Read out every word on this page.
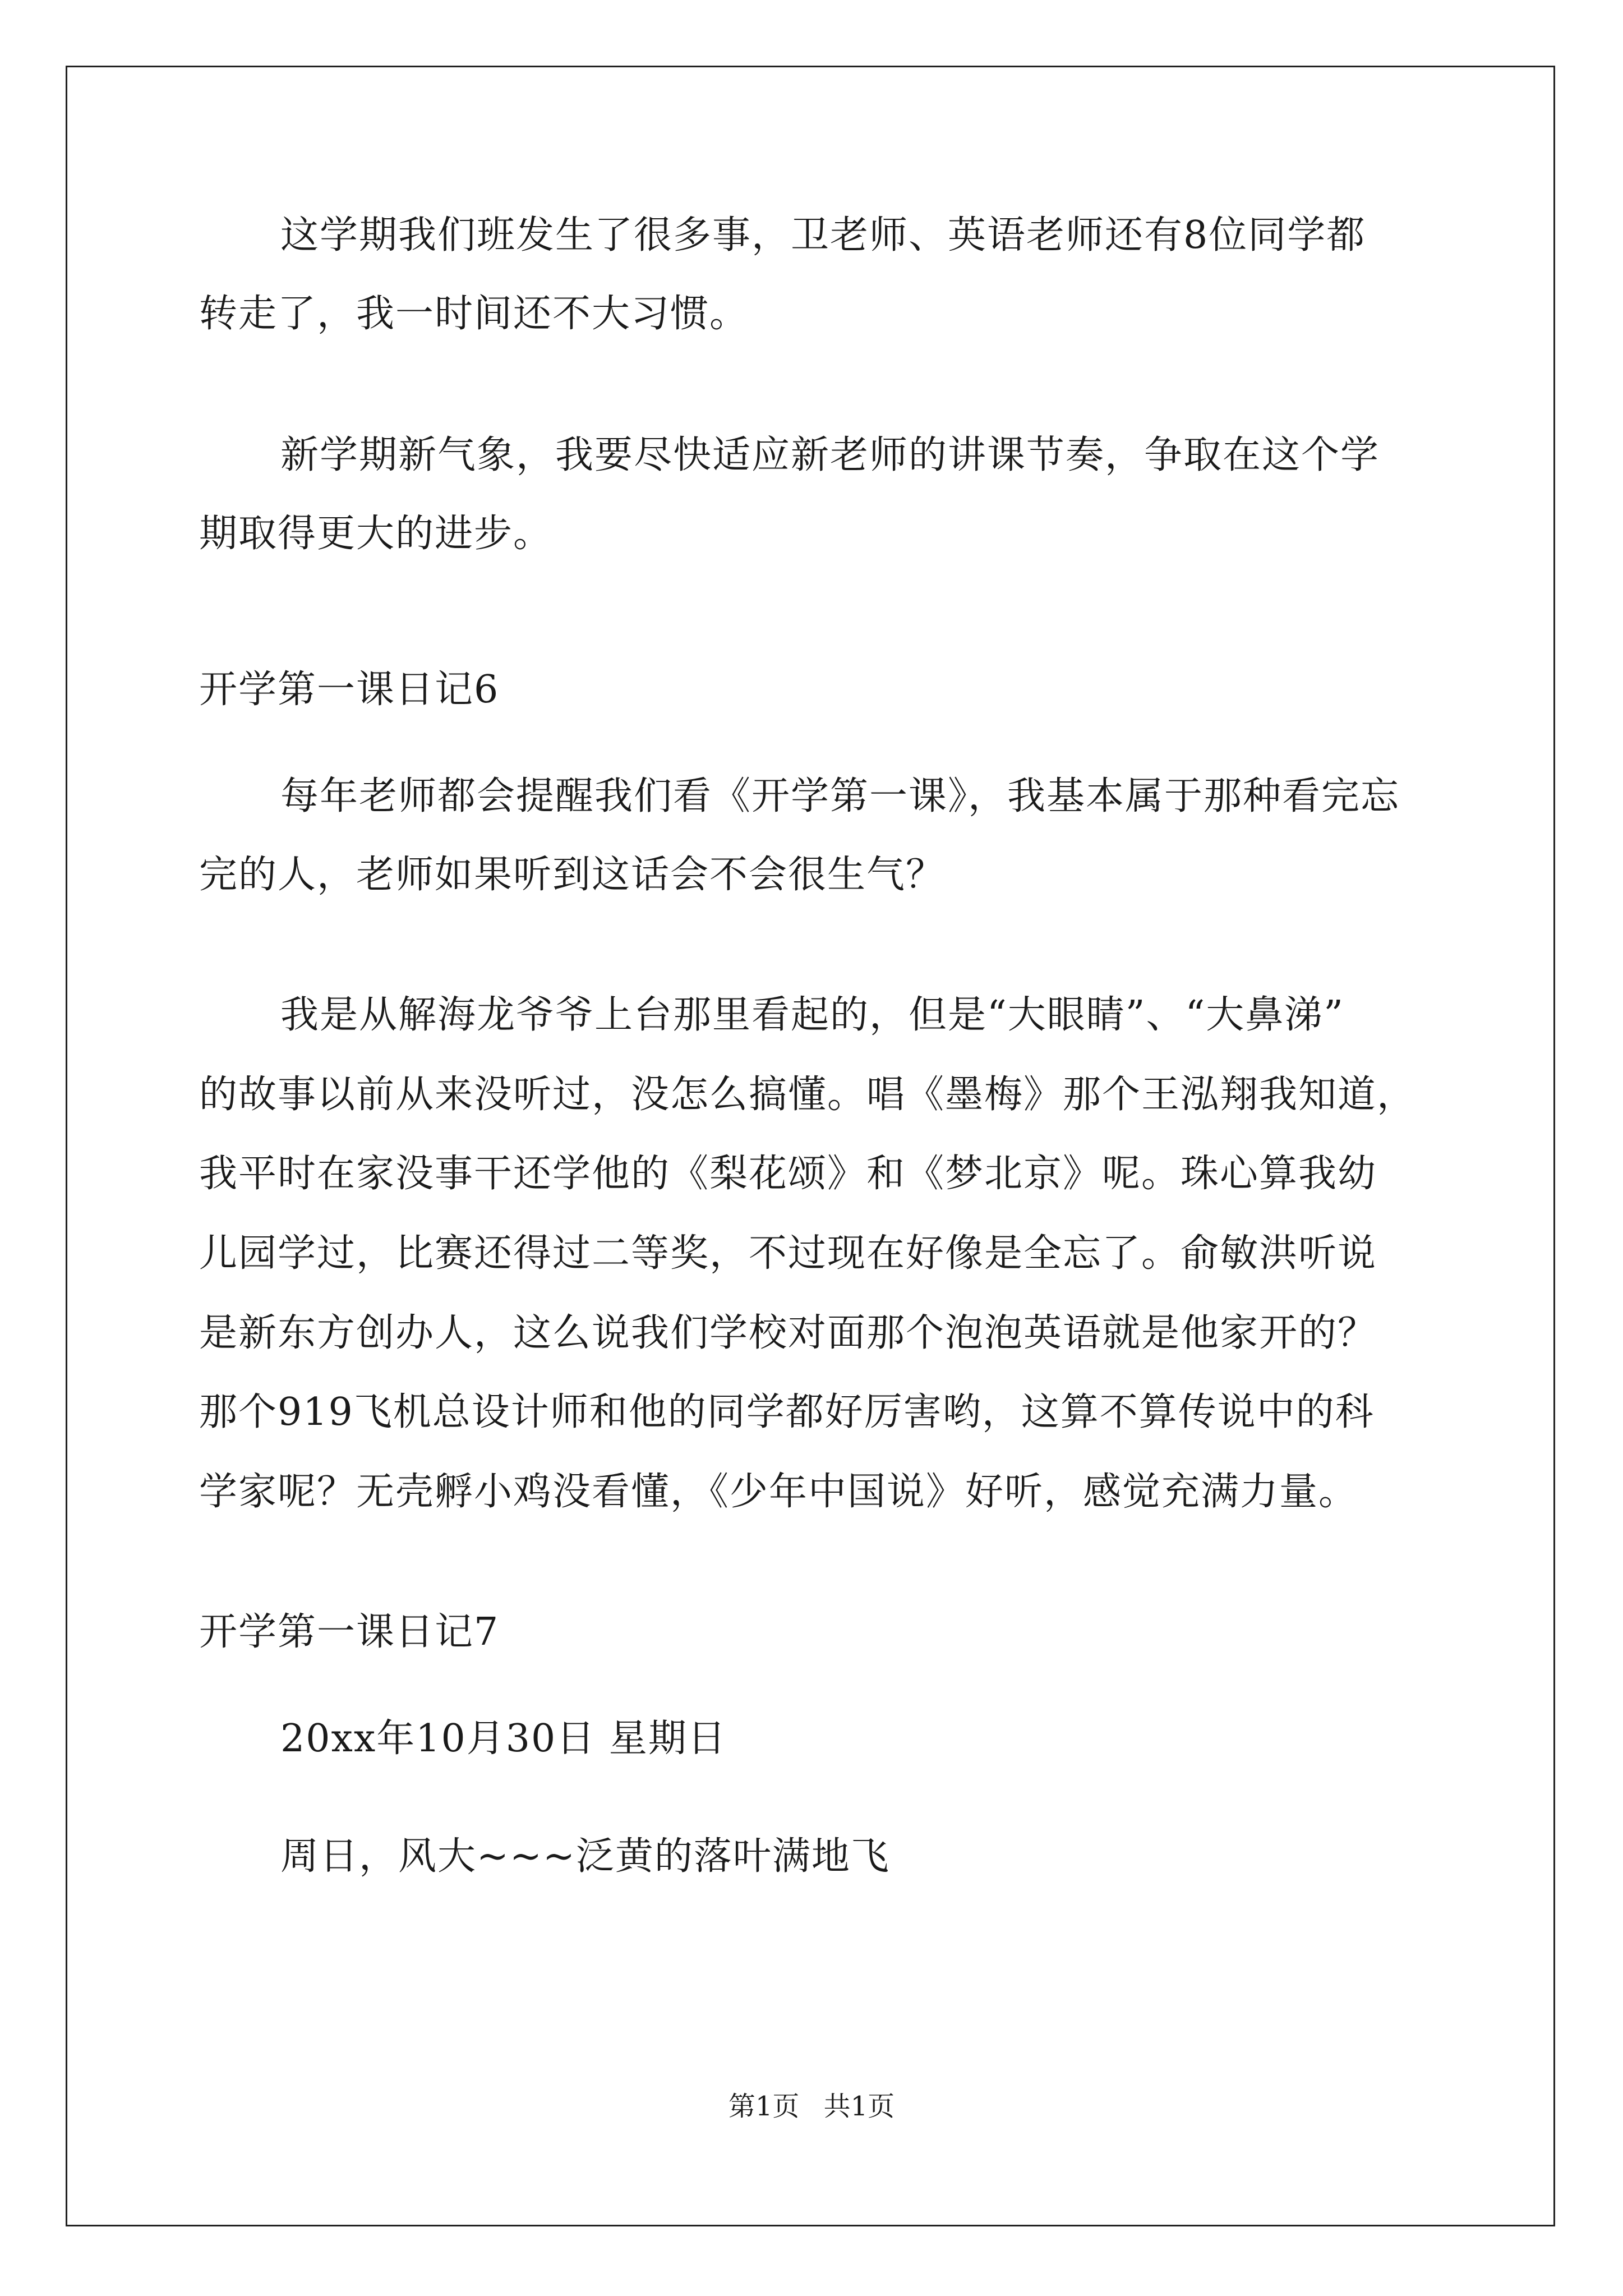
这学期我们班发生了很多事，卫老师、英语老师还有8位同学都

转走了，我一时间还不大习惯。

新学期新气象，我要尽快适应新老师的讲课节奏，争取在这个学

期取得更大的进步。

开学第一课日记6

每年老师都会提醒我们看《开学第一课》，我基本属于那种看完忘

完的人，老师如果听到这话会不会很生气？

我是从解海龙爷爷上台那里看起的，但是“大眼睛”、“大鼻涕”

的故事以前从来没听过，没怎么搞懂。唱《墨梅》那个王泓翔我知道，

我平时在家没事干还学他的《梨花颂》和《梦北京》呢。珠心算我幼

儿园学过，比赛还得过二等奖，不过现在好像是全忘了。俞敏洪听说

是新东方创办人，这么说我们学校对面那个泡泡英语就是他家开的？

那个919飞机总设计师和他的同学都好厉害哟，这算不算传说中的科

学家呢？无壳孵小鸡没看懂，《少年中国说》好听，感觉充满力量。

开学第一课日记7

20xx年10月30日 星期日

周日，风大~~~泛黄的落叶满地飞

第1页 共1页
